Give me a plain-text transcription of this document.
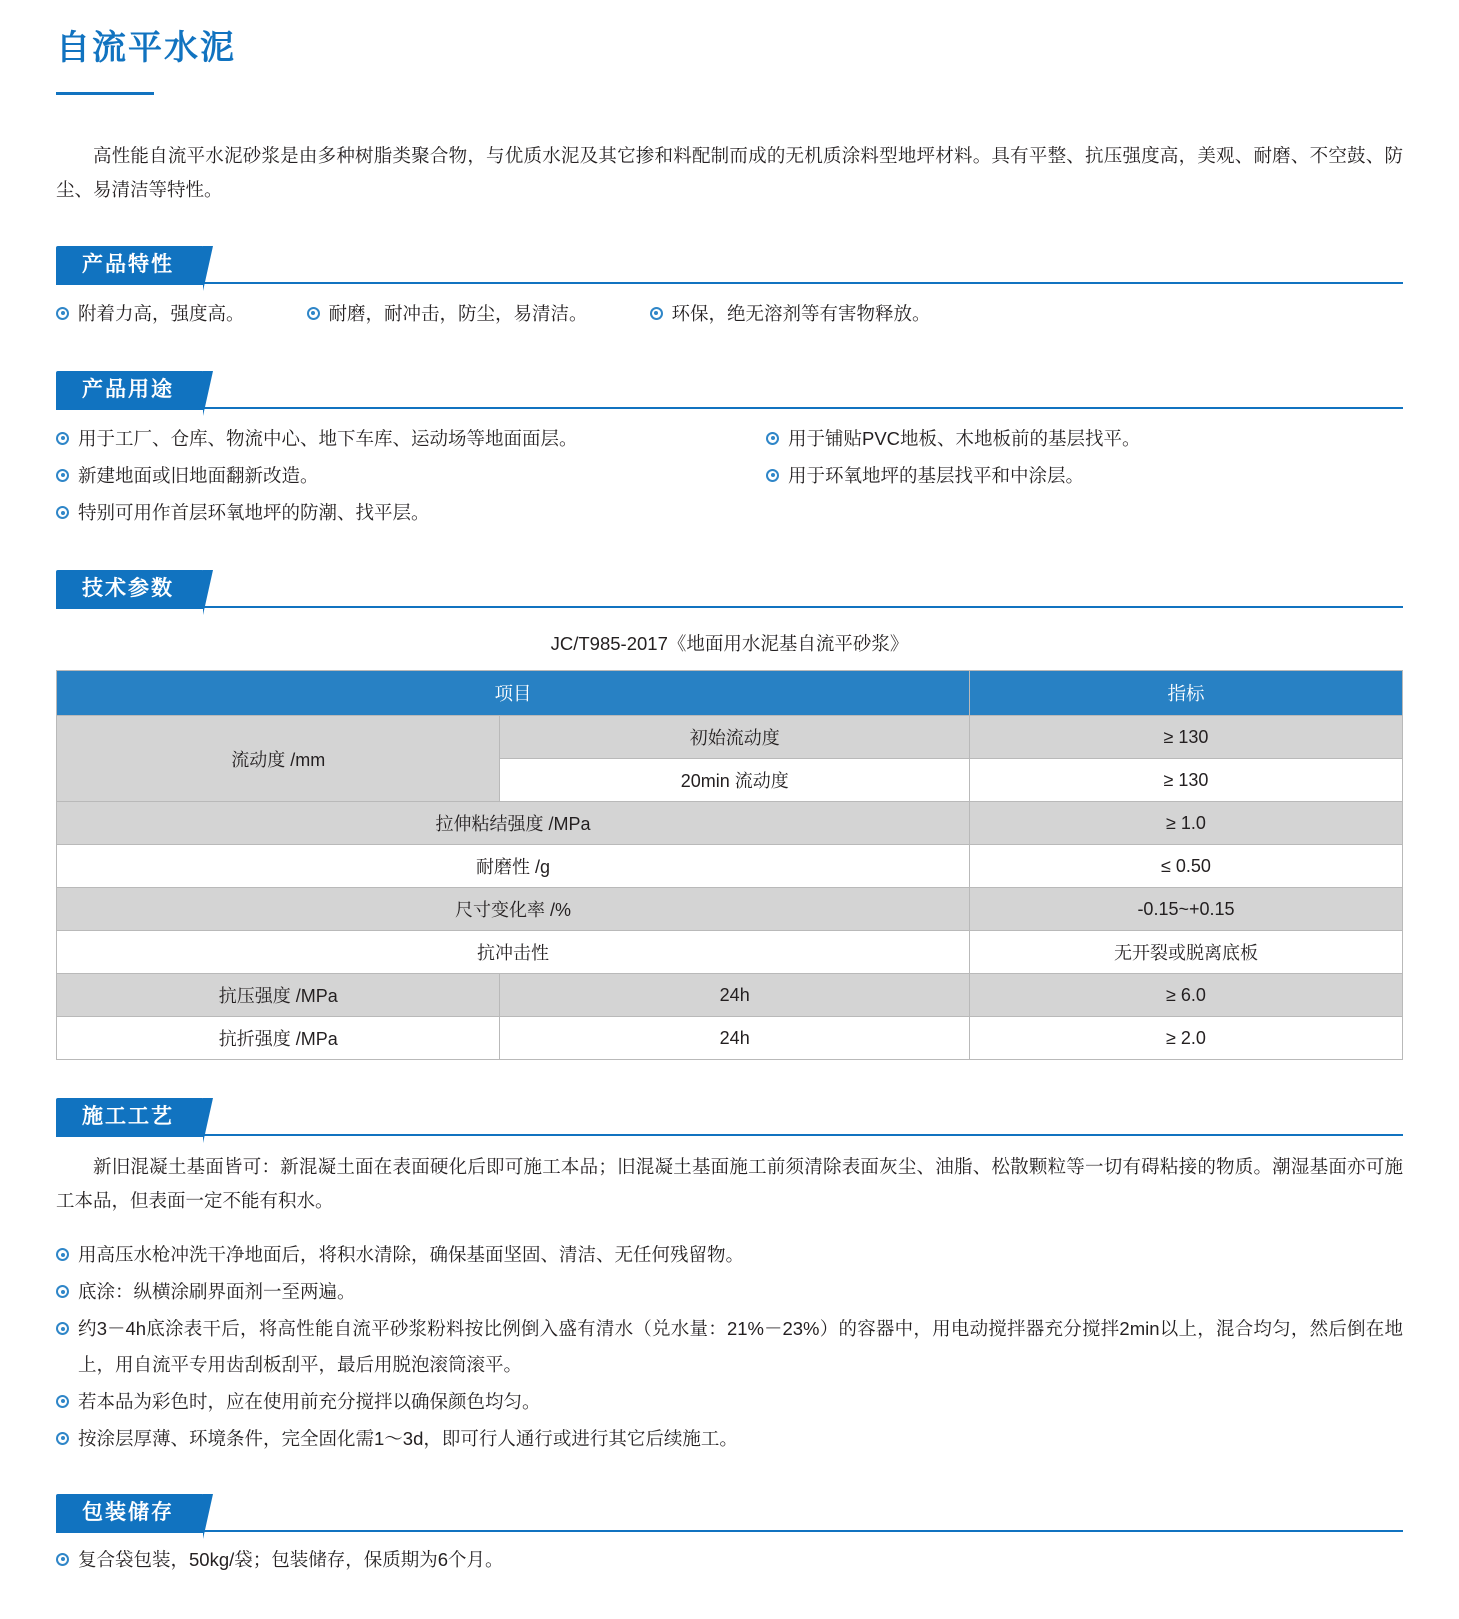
自流平水泥

高性能自流平水泥砂浆是由多种树脂类聚合物，与优质水泥及其它掺和料配制而成的无机质涂料型地坪材料。具有平整、抗压强度高，美观、耐磨、不空鼓、防尘、易清洁等特性。

产品特性
附着力高，强度高。	耐磨，耐冲击，防尘，易清洁。	环保，绝无溶剂等有害物释放。
产品用途
用于工厂、仓库、物流中心、地下车库、运动场等地面面层。	用于铺贴PVC地板、木地板前的基层找平。
新建地面或旧地面翻新改造。	用于环氧地坪的基层找平和中涂层。
特别可用作首层环氧地坪的防潮、找平层。
技术参数
JC/T985-2017《地面用水泥基自流平砂浆》
项目		指标
流动度 /mm	初始流动度	≥ 130
	20min 流动度	≥ 130
拉伸粘结强度 /MPa		≥ 1.0
耐磨性 /g		≤ 0.50
尺寸变化率 /%		-0.15~+0.15
抗冲击性		无开裂或脱离底板
抗压强度 /MPa	24h	≥ 6.0
抗折强度 /MPa	24h	≥ 2.0
施工工艺

新旧混凝土基面皆可：新混凝土面在表面硬化后即可施工本品；旧混凝土基面施工前须清除表面灰尘、油脂、松散颗粒等一切有碍粘接的物质。潮湿基面亦可施工本品，但表面一定不能有积水。

用高压水枪冲洗干净地面后，将积水清除，确保基面坚固、清洁、无任何残留物。
底涂：纵横涂刷界面剂一至两遍。
约3－4h底涂表干后，将高性能自流平砂浆粉料按比例倒入盛有清水（兑水量：21%－23%）的容器中，用电动搅拌器充分搅拌2min以上，混合均匀，然后倒在地上，用自流平专用齿刮板刮平，最后用脱泡滚筒滚平。
若本品为彩色时，应在使用前充分搅拌以确保颜色均匀。
按涂层厚薄、环境条件，完全固化需1～3d，即可行人通行或进行其它后续施工。
包装储存
复合袋包装，50kg/袋；包装储存，保质期为6个月。
